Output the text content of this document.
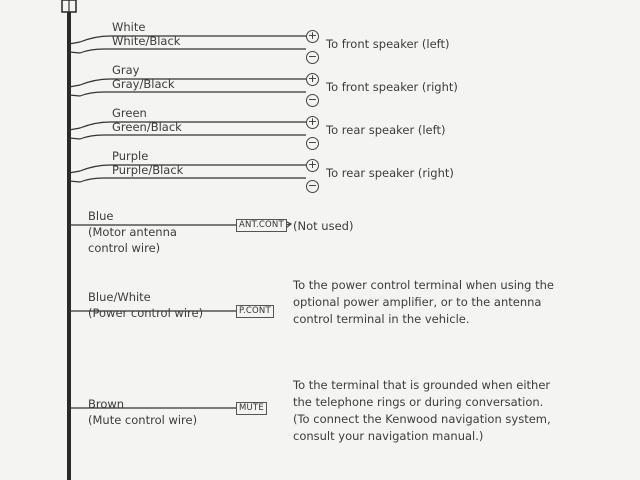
White
White/Black	+
−
To front speaker (left)
Gray
Gray/Black	+
−
To front speaker (right)
Green
Green/Black	+
−
To rear speaker (left)
Purple
Purple/Black	+
−
To rear speaker (right)
Blue
(Motor antenna
control wire)
ANT.CONT (Not used)
Blue/White
(Power control wire)	P.CONT
To the power control terminal when using the
optional power amplifier, or to the antenna
control terminal in the vehicle.
Brown
(Mute control wire)
MUTE
To the terminal that is grounded when either
the telephone rings or during conversation.
(To connect the Kenwood navigation system,
consult your navigation manual.)
